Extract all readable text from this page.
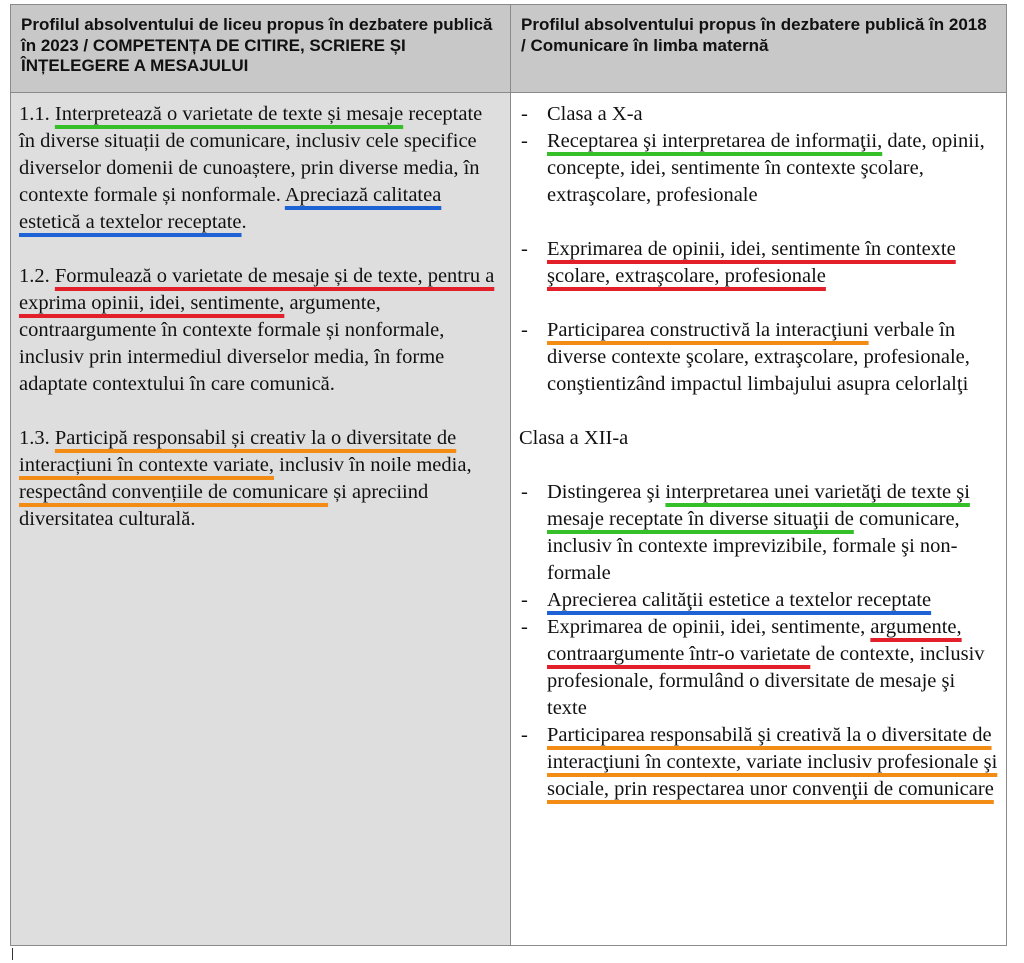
Profilul absolventului de liceu propus în dezbatere publică în 2023 / COMPETENȚA DE CITIRE, SCRIERE ȘI ÎNȚELEGERE A MESAJULUI
Profilul absolventului propus în dezbatere publică în 2018 / Comunicare în limba maternă

1.1. Interpretează o varietate de texte și mesaje receptate în diverse situații de comunicare, inclusiv cele specifice diverselor domenii de cunoaștere, prin diverse media, în contexte formale și nonformale. Apreciază calitatea estetică a textelor receptate.

1.2. Formulează o varietate de mesaje și de texte, pentru a exprima opinii, idei, sentimente, argumente, contraargumente în contexte formale și nonformale, inclusiv prin intermediul diverselor media, în forme adaptate contextului în care comunică.

1.3. Participă responsabil și creativ la o diversitate de interacțiuni în contexte variate, inclusiv în noile media, respectând convențiile de comunicare și apreciind diversitatea culturală.

- Clasa a X-a
- Receptarea şi interpretarea de informaţii, date, opinii, concepte, idei, sentimente în contexte şcolare, extraşcolare, profesionale
- Exprimarea de opinii, idei, sentimente în contexte şcolare, extraşcolare, profesionale
- Participarea constructivă la interacţiuni verbale în diverse contexte şcolare, extraşcolare, profesionale, conştientizând impactul limbajului asupra celorlalţi

Clasa a XII-a

- Distingerea şi interpretarea unei varietăţi de texte şi mesaje receptate în diverse situaţii de comunicare, inclusiv în contexte imprevizibile, formale şi non-formale
- Aprecierea calităţii estetice a textelor receptate
- Exprimarea de opinii, idei, sentimente, argumente, contraargumente într-o varietate de contexte, inclusiv profesionale, formulând o diversitate de mesaje şi texte
- Participarea responsabilă şi creativă la o diversitate de interacţiuni în contexte, variate inclusiv profesionale şi sociale, prin respectarea unor convenţii de comunicare
